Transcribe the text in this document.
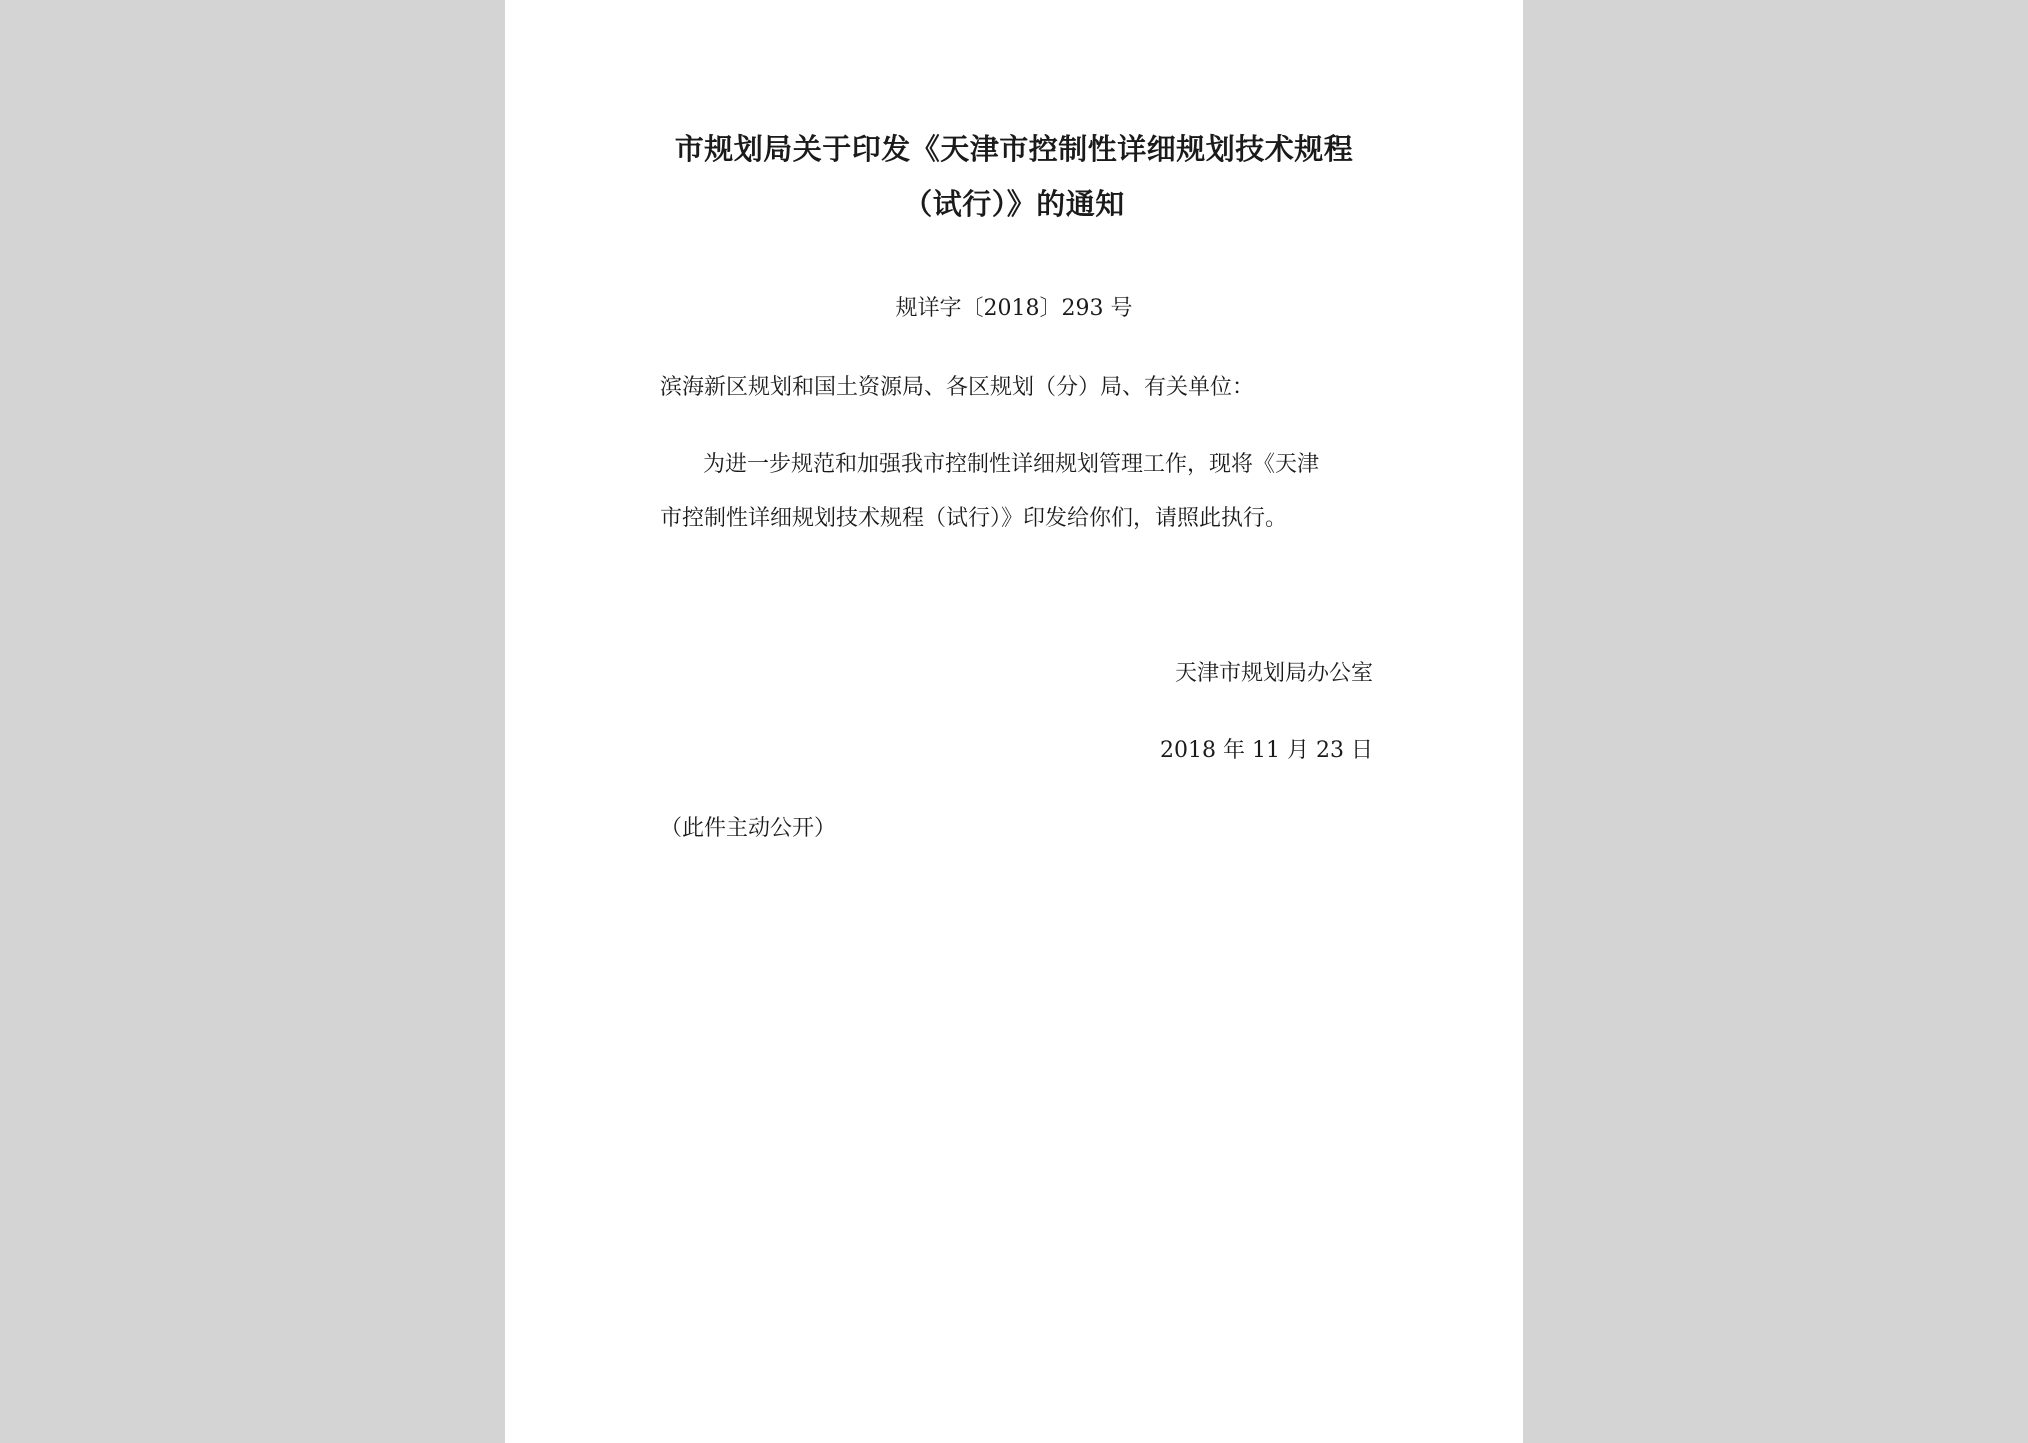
市规划局关于印发《天津市控制性详细规划技术规程
（试行）》的通知
规详字〔2018〕293 号
滨海新区规划和国土资源局、各区规划（分）局、有关单位：
为进一步规范和加强我市控制性详细规划管理工作，现将《天津
市控制性详细规划技术规程（试行）》印发给你们，请照此执行。
天津市规划局办公室
2018 年 11 月 23 日
（此件主动公开）
